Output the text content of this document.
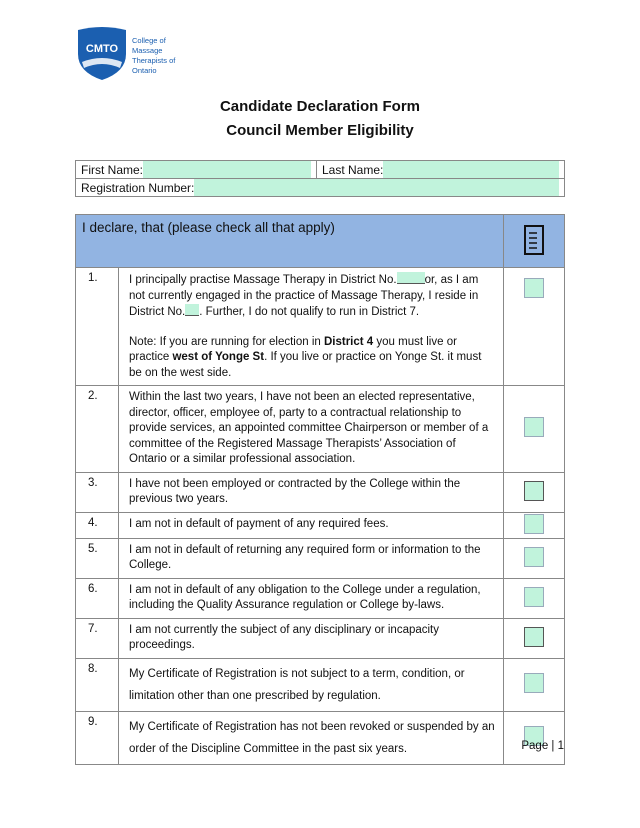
CMTO
College of
Massage
Therapists of
Ontario
Candidate Declaration Form
Council Member Eligibility
First Name:	Last Name:

Registration Number:
I declare, that (please check all that apply)	
1.	I principally practise Massage Therapy in District No. or, as I am not currently engaged in the practice of Massage Therapy, I reside in District No. . Further, I do not qualify to run in District 7.
Note: If you are running for election in District 4 you must live or practice west of Yonge St. If you live or practice on Yonge St. it must be on the west side.	

2.	Within the last two years, I have not been an elected representative, director, officer, employee of, party to a contractual relationship to provide services, an appointed committee Chairperson or member of a committee of the Registered Massage Therapists’ Association of Ontario or a similar professional association.	
3.	I have not been employed or contracted by the College within the previous two years.	
4.	I am not in default of payment of any required fees.	
5.	I am not in default of returning any required form or information to the College.	
6.	I am not in default of any obligation to the College under a regulation, including the Quality Assurance regulation or College by-laws.	
7.	I am not currently the subject of any disciplinary or incapacity proceedings.	
8.	My Certificate of Registration is not subject to a term, condition, or limitation other than one prescribed by regulation.	
9.	My Certificate of Registration has not been revoked or suspended by an order of the Discipline Committee in the past six years.		Page | 1
